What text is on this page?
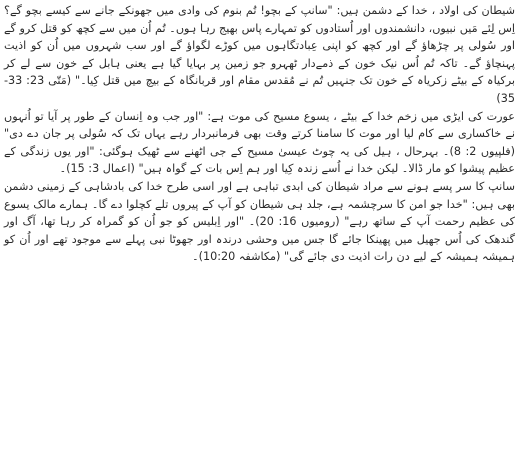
شیطان کی اولاد ، خدا کے دشمن ہیں: "سانپ کے بچو! تُم بنوم کی وادی میں جھونکے جانے سے کیسے بچو گے؟ اِس لِئے مَیں نبیوں، دانشمندوں اور اُستادوں کو تمہارے پاس بھیج رہا ہوں۔ تُم اُن میں سے کچھ کو قتل کرو گے اور سُولی پر چڑھاؤ گے اور کچھ کو اپنی عِبادتگاہوں میں کوڑے لگواؤ گے اور سب شہروں میں اُن کو اذیت پہنچاؤ گے۔ تاکہ تُم اُس نیک خون کے ذمےدار ٹھہرو جو زمین پر بہایا گیا ہے یعنی ہابل کے خون سے لے کر برکیاہ کے بیٹے زکریاہ کے خون تک جنہیں تُم نے مُقدس مقام اور قربانگاہ کے بیچ میں قتل کِیا۔" (مَتّی 23: 33-35)

عورت کی ایڑی میں زخم خدا کے بیٹے ، یسوع مسیح کی موت ہے: "اور جب وہ اِنسان کے طور پر آیا تو اُنہوں نے خاکساری سے کام لیا اور موت کا سامنا کرتے وقت بھی فرمانبردار رہے یہاں تک کہ سُولی پر جان دے دی" (فلپیوں 2: 8)۔ بہرحال ، ہیل کی یہ چوٹ عیسیٰ مسیح کے جی اٹھنے سے ٹھیک ہوگئی: "اور یوں زندگی کے عظیم پیشوا کو مار ڈالا۔ لیکن خدا نے اُسے زندہ کِیا اور ہم اِس بات کے گواہ ہیں" (اعمال 3: 15)۔

سانپ کا سر پسے ہونے سے مراد شیطان کی ابدی تباہی ہے اور اسی طرح خدا کی بادشاہی کے زمینی دشمن بھی ہیں: "خدا جو امن کا سرچشمہ ہے، جلد ہی شیطان کو آپ کے پیروں تلے کچلوا دے گا۔ ہمارے مالک یسوع کی عظیم رحمت آپ کے ساتھ رہے" (رومیوں 16: 20)۔ "اور اِبلیس کو جو اُن کو گمراہ کر رہا تھا، آگ اور گندھک کی اُس جھیل میں پھینکا جائے گا جس میں وحشی درندہ اور جھوٹا نبی پہلے سے موجود تھے اور اُن کو ہمیشہ ہمیشہ کے لیے دن رات اذیت دی جائے گی" (مکاشفہ 10:20)۔
